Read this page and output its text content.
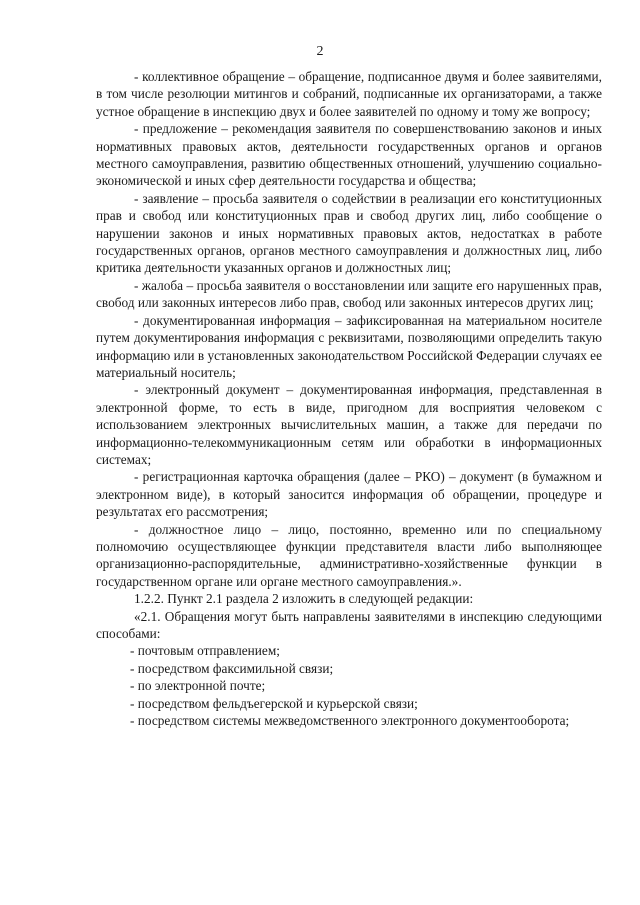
2

- коллективное обращение – обращение, подписанное двумя и более заявителями, в том числе резолюции митингов и собраний, подписанные их организаторами, а также устное обращение в инспекцию двух и более заявителей по одному и тому же вопросу;

- предложение – рекомендация заявителя по совершенствованию законов и иных нормативных правовых актов, деятельности государственных органов и органов местного самоуправления, развитию общественных отношений, улучшению социально-экономической и иных сфер деятельности государства и общества;

- заявление – просьба заявителя о содействии в реализации его конституционных прав и свобод или конституционных прав и свобод других лиц, либо сообщение о нарушении законов и иных нормативных правовых актов, недостатках в работе государственных органов, органов местного самоуправления и должностных лиц, либо критика деятельности указанных органов и должностных лиц;

- жалоба – просьба заявителя о восстановлении или защите его нарушенных прав, свобод или законных интересов либо прав, свобод или законных интересов других лиц;

- документированная информация – зафиксированная на материальном носителе путем документирования информация с реквизитами, позволяющими определить такую информацию или в установленных законодательством Российской Федерации случаях ее материальный носитель;

- электронный документ – документированная информация, представленная в электронной форме, то есть в виде, пригодном для восприятия человеком с использованием электронных вычислительных машин, а также для передачи по информационно-телекоммуникационным сетям или обработки в информационных системах;

- регистрационная карточка обращения (далее – РКО) – документ (в бумажном и электронном виде), в который заносится информация об обращении, процедуре и результатах его рассмотрения;

- должностное лицо – лицо, постоянно, временно или по специальному полномочию осуществляющее функции представителя власти либо выполняющее организационно-распорядительные, административно-хозяйственные функции в государственном органе или органе местного самоуправления.».

1.2.2. Пункт 2.1 раздела 2 изложить в следующей редакции:

«2.1. Обращения могут быть направлены заявителями в инспекцию следующими способами:

- почтовым отправлением;

- посредством факсимильной связи;

- по электронной почте;

- посредством фельдъегерской и курьерской связи;

- посредством системы межведомственного электронного документооборота;
